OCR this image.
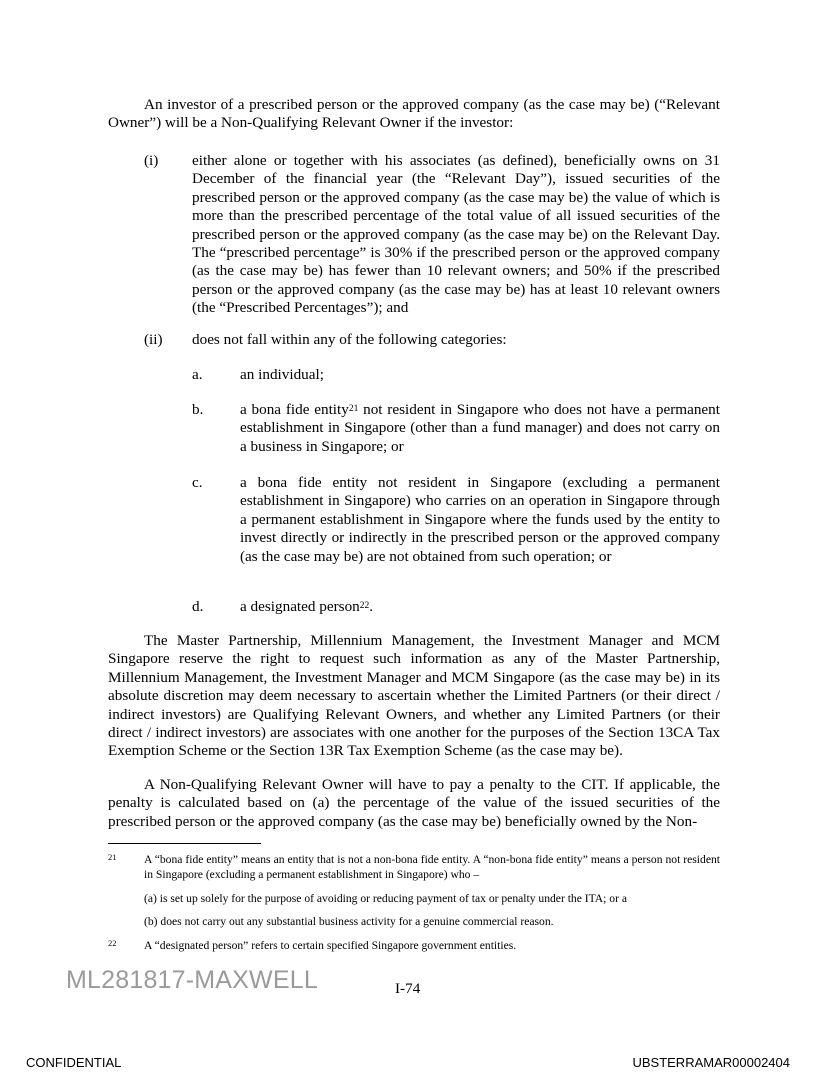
An investor of a prescribed person or the approved company (as the case may be) (“Relevant Owner”) will be a Non-Qualifying Relevant Owner if the investor:
(i) either alone or together with his associates (as defined), beneficially owns on 31 December of the financial year (the “Relevant Day”), issued securities of the prescribed person or the approved company (as the case may be) the value of which is more than the prescribed percentage of the total value of all issued securities of the prescribed person or the approved company (as the case may be) on the Relevant Day. The “prescribed percentage” is 30% if the prescribed person or the approved company (as the case may be) has fewer than 10 relevant owners; and 50% if the prescribed person or the approved company (as the case may be) has at least 10 relevant owners (the “Prescribed Percentages”); and
(ii) does not fall within any of the following categories:
a. an individual;
b. a bona fide entity$^{21}$ not resident in Singapore who does not have a permanent establishment in Singapore (other than a fund manager) and does not carry on a business in Singapore; or
c. a bona fide entity not resident in Singapore (excluding a permanent establishment in Singapore) who carries on an operation in Singapore through a permanent establishment in Singapore where the funds used by the entity to invest directly or indirectly in the prescribed person or the approved company (as the case may be) are not obtained from such operation; or
d. a designated person$^{22}$.
The Master Partnership, Millennium Management, the Investment Manager and MCM Singapore reserve the right to request such information as any of the Master Partnership, Millennium Management, the Investment Manager and MCM Singapore (as the case may be) in its absolute discretion may deem necessary to ascertain whether the Limited Partners (or their direct / indirect investors) are Qualifying Relevant Owners, and whether any Limited Partners (or their direct / indirect investors) are associates with one another for the purposes of the Section 13CA Tax Exemption Scheme or the Section 13R Tax Exemption Scheme (as the case may be).
A Non-Qualifying Relevant Owner will have to pay a penalty to the CIT. If applicable, the penalty is calculated based on (a) the percentage of the value of the issued securities of the prescribed person or the approved company (as the case may be) beneficially owned by the Non-
21 A “bona fide entity” means an entity that is not a non-bona fide entity. A “non-bona fide entity” means a person not resident in Singapore (excluding a permanent establishment in Singapore) who –
(a) is set up solely for the purpose of avoiding or reducing payment of tax or penalty under the ITA; or a
(b) does not carry out any substantial business activity for a genuine commercial reason.
22 A “designated person” refers to certain specified Singapore government entities.
ML281817-MAXWELL	I-74
CONFIDENTIAL	UBSTERRAMAR00002404
